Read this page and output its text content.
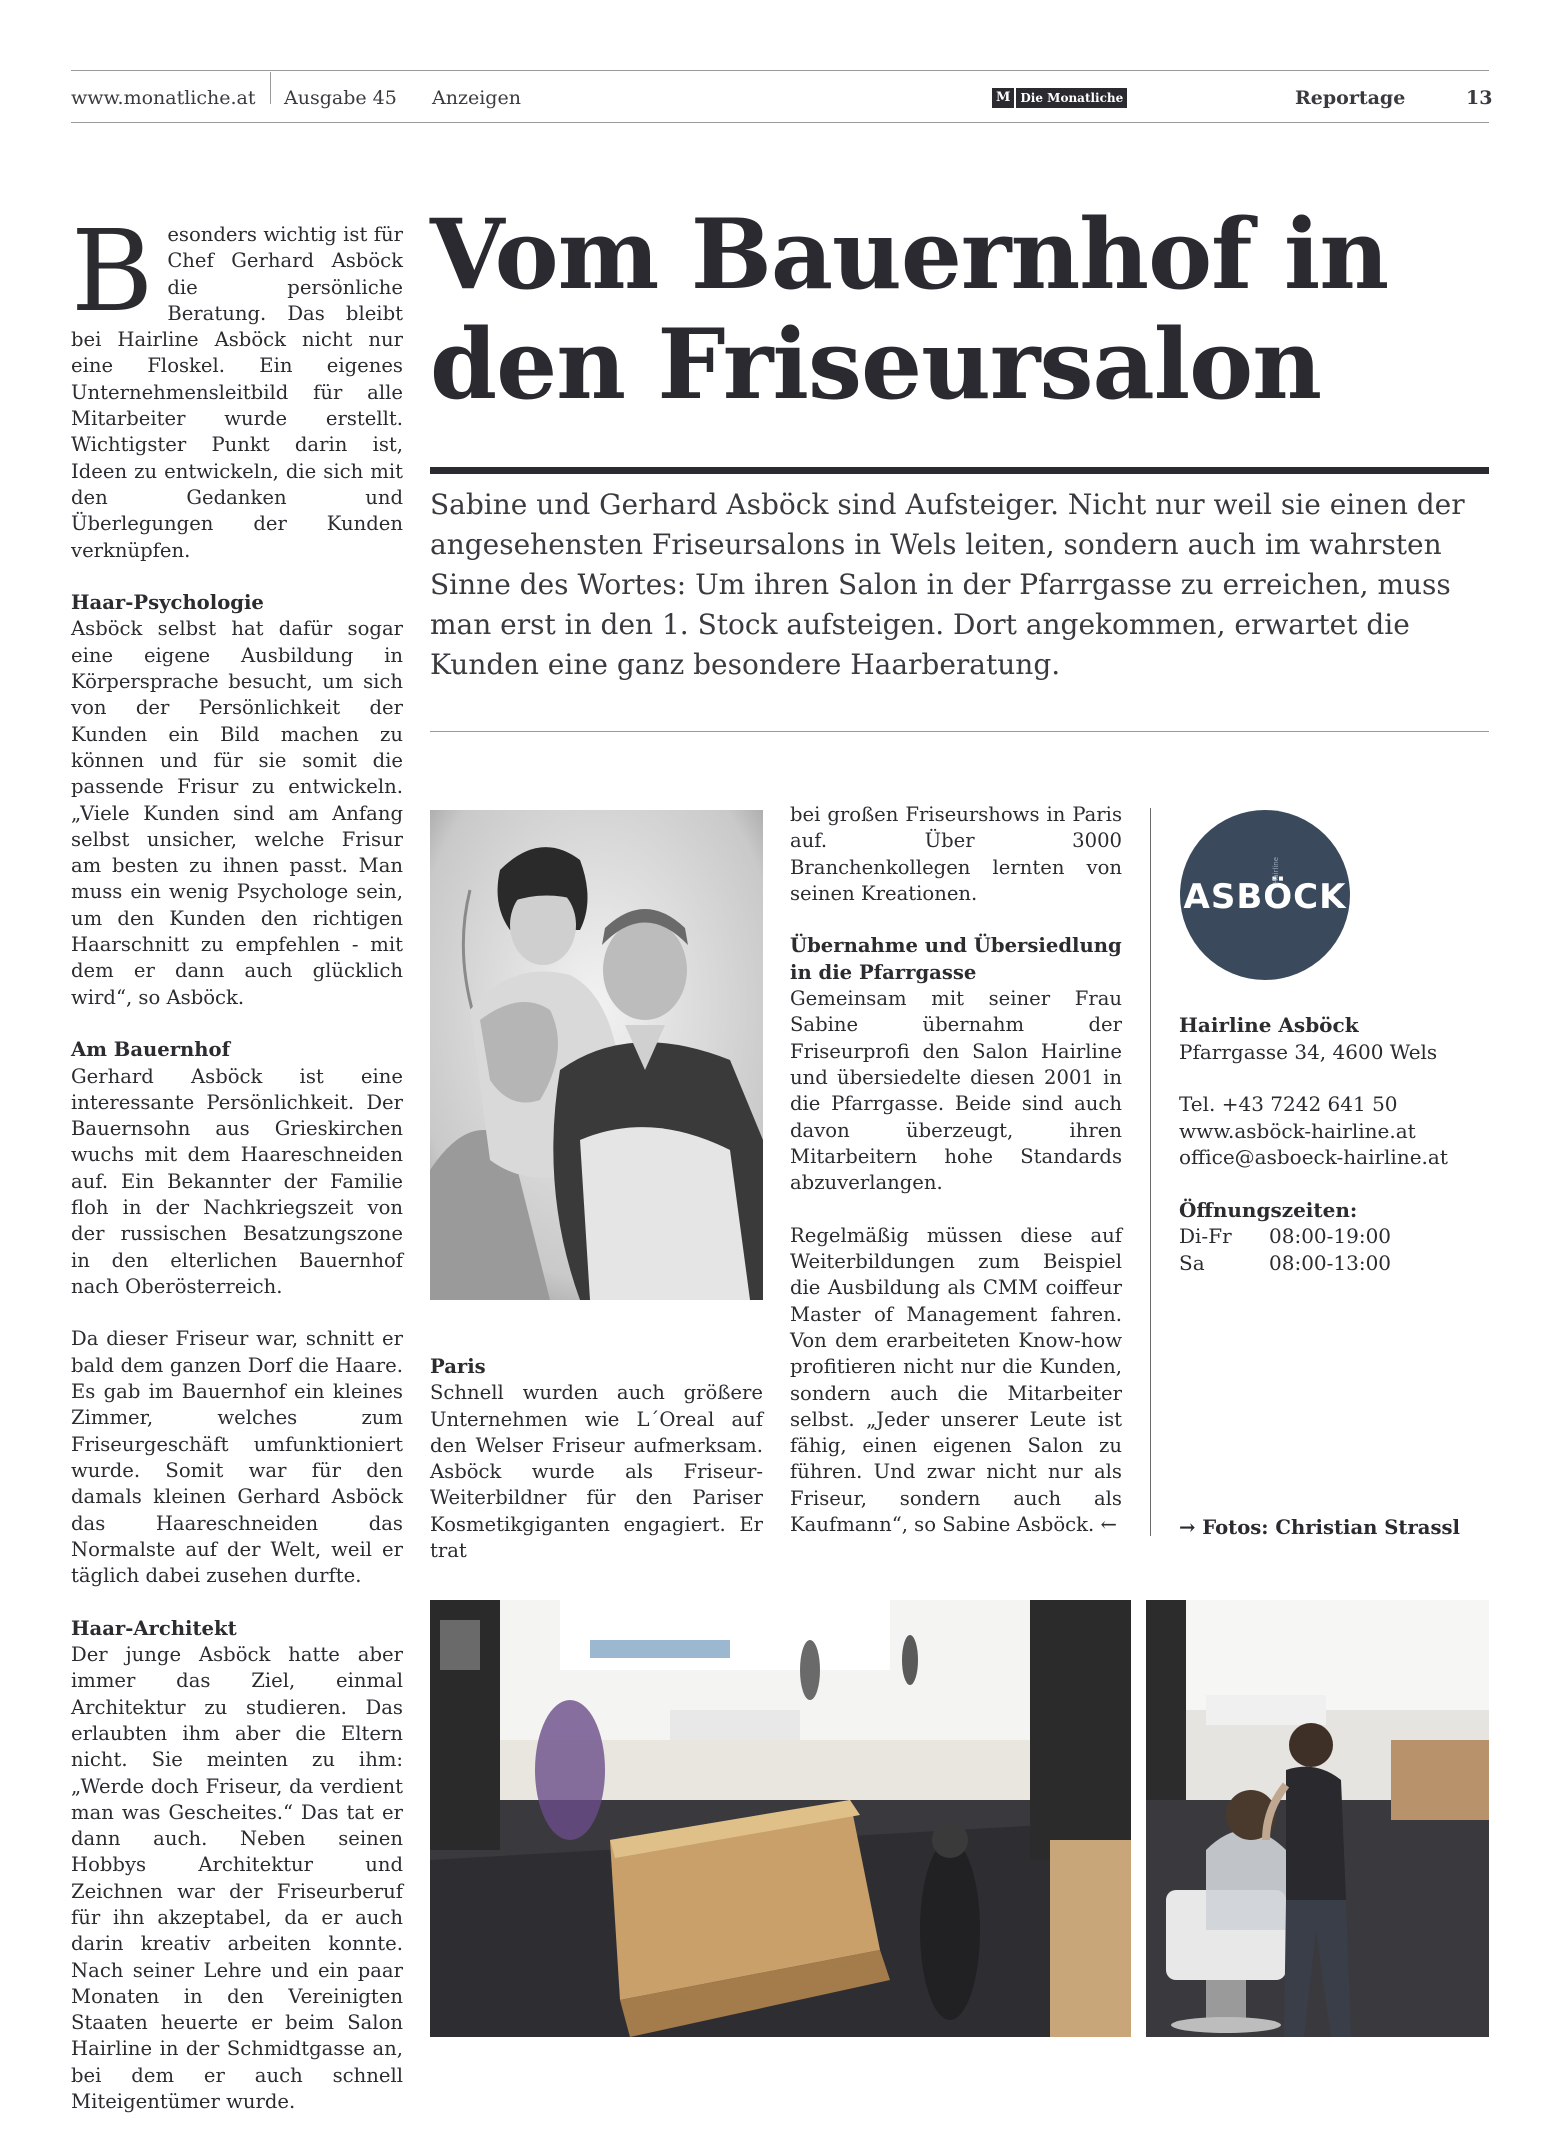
www.monatliche.at Ausgabe 45 Anzeigen	M Die Monatliche	Reportage	13

Besonders wichtig ist für Chef Gerhard Asböck die persönliche Beratung. Das bleibt bei Hairline Asböck nicht nur eine Floskel. Ein eigenes Unternehmensleitbild für alle Mitarbeiter wurde erstellt. Wichtigster Punkt darin ist, Ideen zu entwickeln, die sich mit den Gedanken und Überlegungen der Kunden verknüpfen.

Haar-Psychologie
Asböck selbst hat dafür sogar eine eigene Ausbildung in Körpersprache besucht, um sich von der Persönlichkeit der Kunden ein Bild machen zu können und für sie somit die passende Frisur zu entwickeln. „Viele Kunden sind am Anfang selbst unsicher, welche Frisur am besten zu ihnen passt. Man muss ein wenig Psychologe sein, um den Kunden den richtigen Haarschnitt zu empfehlen - mit dem er dann auch glücklich wird“, so Asböck.

Am Bauernhof
Gerhard Asböck ist eine interessante Persönlichkeit. Der Bauernsohn aus Grieskirchen wuchs mit dem Haareschneiden auf. Ein Bekannter der Familie floh in der Nachkriegszeit von der russischen Besatzungszone in den elterlichen Bauernhof nach Oberösterreich.

Da dieser Friseur war, schnitt er bald dem ganzen Dorf die Haare. Es gab im Bauernhof ein kleines Zimmer, welches zum Friseurgeschäft umfunktioniert wurde. Somit war für den damals kleinen Gerhard Asböck das Haareschneiden das Normalste auf der Welt, weil er täglich dabei zusehen durfte.

Haar-Architekt
Der junge Asböck hatte aber immer das Ziel, einmal Architektur zu studieren. Das erlaubten ihm aber die Eltern nicht. Sie meinten zu ihm: „Werde doch Friseur, da verdient man was Gescheites.“ Das tat er dann auch. Neben seinen Hobbys Architektur und Zeichnen war der Friseurberuf für ihn akzeptabel, da er auch darin kreativ arbeiten konnte. Nach seiner Lehre und ein paar Monaten in den Vereinigten Staaten heuerte er beim Salon Hairline in der Schmidtgasse an, bei dem er auch schnell Miteigentümer wurde.

Vom Bauernhof in
den Friseursalon
Sabine und Gerhard Asböck sind Aufsteiger. Nicht nur weil sie einen der angesehensten Friseursalons in Wels leiten, sondern auch im wahrsten Sinne des Wortes: Um ihren Salon in der Pfarrgasse zu erreichen, muss man erst in den 1. Stock aufsteigen. Dort angekommen, erwartet die Kunden eine ganz besondere Haarberatung.

Paris
Schnell wurden auch größere Unternehmen wie L´Oreal auf den Welser Friseur aufmerksam. Asböck wurde als Friseur-Weiterbildner für den Pariser Kosmetikgiganten engagiert. Er trat

bei großen Friseurshows in Paris auf. Über 3000 Branchenkollegen lernten von seinen Kreationen.

Übernahme und Übersiedlung in die Pfarrgasse
Gemeinsam mit seiner Frau Sabine übernahm der Friseurprofi den Salon Hairline und übersiedelte diesen 2001 in die Pfarrgasse. Beide sind auch davon überzeugt, ihren Mitarbeitern hohe Standards abzuverlangen.

Regelmäßig müssen diese auf Weiterbildungen zum Beispiel die Ausbildung als CMM coiffeur Master of Management fahren. Von dem erarbeiteten Know-how profitieren nicht nur die Kunden, sondern auch die Mitarbeiter selbst. „Jeder unserer Leute ist fähig, einen eigenen Salon zu führen. Und zwar nicht nur als Friseur, sondern auch als Kaufmann“, so Sabine Asböck. ←

ASBÖCK
Hairline
Hairline Asböck
Pfarrgasse 34, 4600 Wels
Tel. +43 7242 641 50
www.asböck-hairline.at
office@asboeck-hairline.at
Öffnungszeiten:
Di-Fr	08:00-19:00
Sa	08:00-13:00
→ Fotos: Christian Strassl
